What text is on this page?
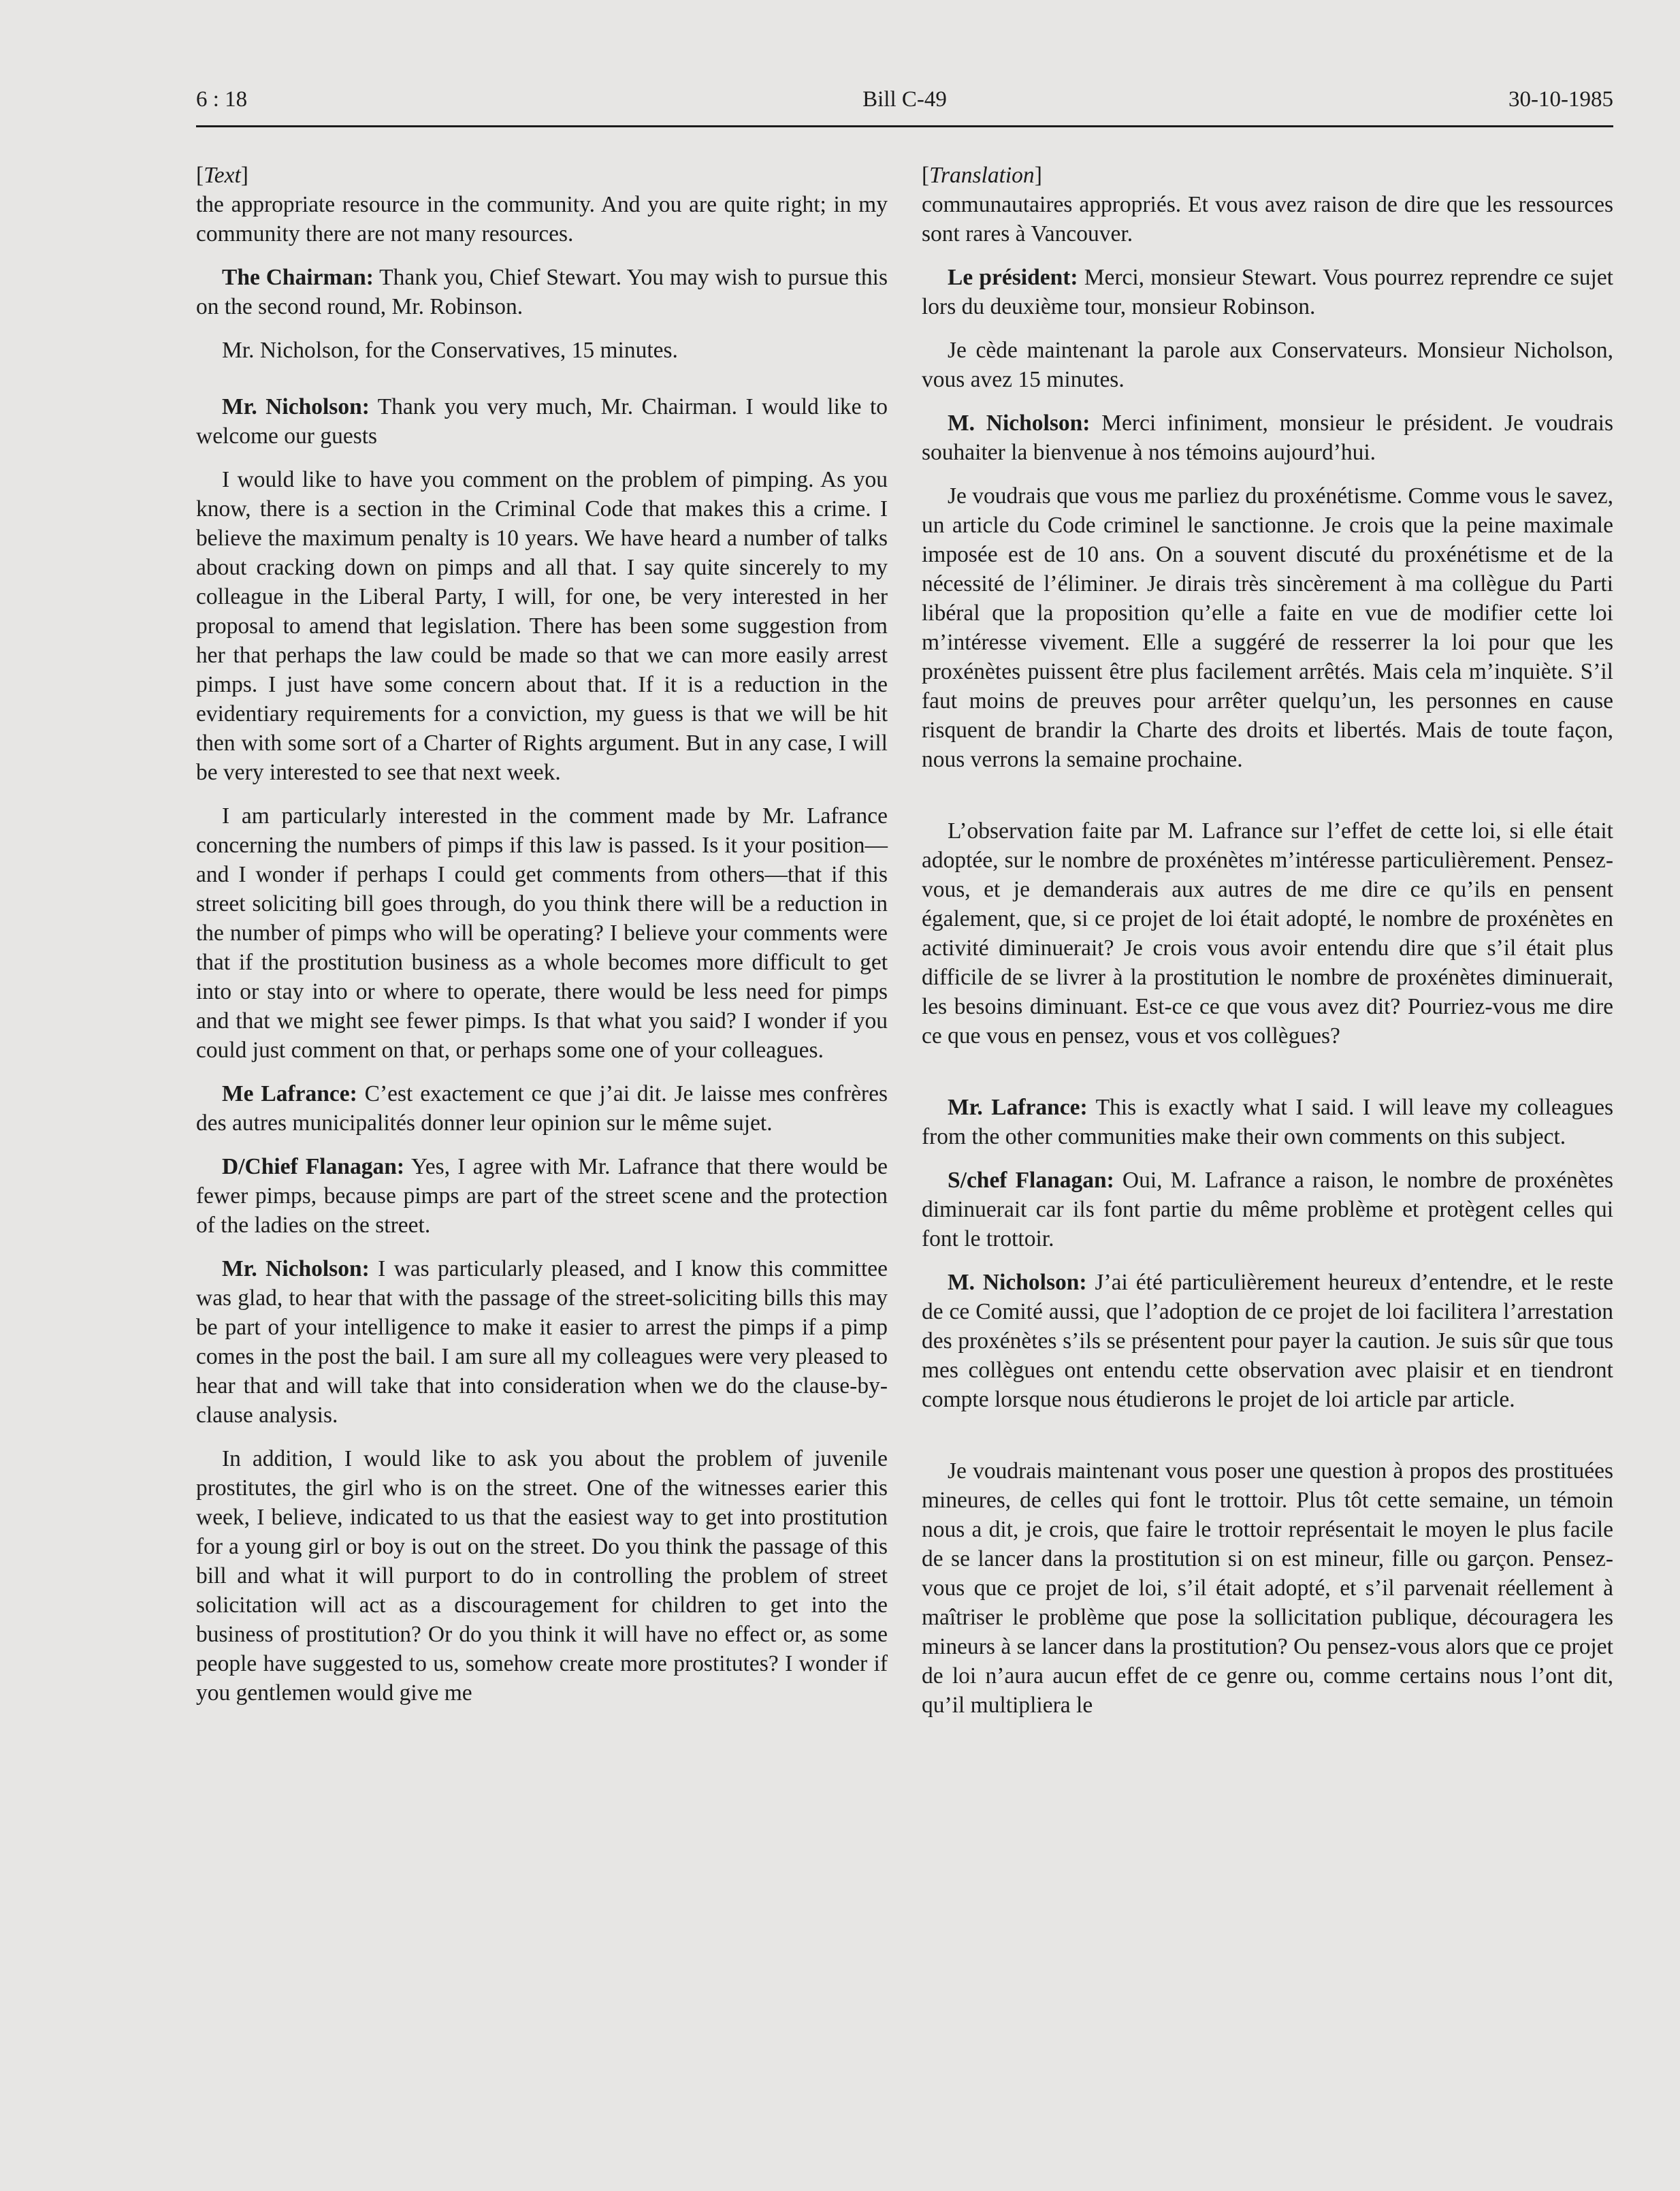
6 : 18	Bill C-49	30-10-1985
[Text]

the appropriate resource in the community. And you are quite right; in my community there are not many resources.

The Chairman: Thank you, Chief Stewart. You may wish to pursue this on the second round, Mr. Robinson.

Mr. Nicholson, for the Conservatives, 15 minutes.

Mr. Nicholson: Thank you very much, Mr. Chairman. I would like to welcome our guests

I would like to have you comment on the problem of pimping. As you know, there is a section in the Criminal Code that makes this a crime. I believe the maximum penalty is 10 years. We have heard a number of talks about cracking down on pimps and all that. I say quite sincerely to my colleague in the Liberal Party, I will, for one, be very interested in her proposal to amend that legislation. There has been some suggestion from her that perhaps the law could be made so that we can more easily arrest pimps. I just have some concern about that. If it is a reduction in the evidentiary requirements for a conviction, my guess is that we will be hit then with some sort of a Charter of Rights argument. But in any case, I will be very interested to see that next week.

I am particularly interested in the comment made by Mr. Lafrance concerning the numbers of pimps if this law is passed. Is it your position—and I wonder if perhaps I could get comments from others—that if this street soliciting bill goes through, do you think there will be a reduction in the number of pimps who will be operating? I believe your comments were that if the prostitution business as a whole becomes more difficult to get into or stay into or where to operate, there would be less need for pimps and that we might see fewer pimps. Is that what you said? I wonder if you could just comment on that, or perhaps some one of your colleagues.

Me Lafrance: C’est exactement ce que j’ai dit. Je laisse mes confrères des autres municipalités donner leur opinion sur le même sujet.

D/Chief Flanagan: Yes, I agree with Mr. Lafrance that there would be fewer pimps, because pimps are part of the street scene and the protection of the ladies on the street.

Mr. Nicholson: I was particularly pleased, and I know this committee was glad, to hear that with the passage of the street-soliciting bills this may be part of your intelligence to make it easier to arrest the pimps if a pimp comes in the post the bail. I am sure all my colleagues were very pleased to hear that and will take that into consideration when we do the clause-by-clause analysis.

In addition, I would like to ask you about the problem of juvenile prostitutes, the girl who is on the street. One of the witnesses earier this week, I believe, indicated to us that the easiest way to get into prostitution for a young girl or boy is out on the street. Do you think the passage of this bill and what it will purport to do in controlling the problem of street solicitation will act as a discouragement for children to get into the business of prostitution? Or do you think it will have no effect or, as some people have suggested to us, somehow create more prostitutes? I wonder if you gentlemen would give me

[Translation]

communautaires appropriés. Et vous avez raison de dire que les ressources sont rares à Vancouver.

Le président: Merci, monsieur Stewart. Vous pourrez reprendre ce sujet lors du deuxième tour, monsieur Robinson.

Je cède maintenant la parole aux Conservateurs. Monsieur Nicholson, vous avez 15 minutes.

M. Nicholson: Merci infiniment, monsieur le président. Je voudrais souhaiter la bienvenue à nos témoins aujourd’hui.

Je voudrais que vous me parliez du proxénétisme. Comme vous le savez, un article du Code criminel le sanctionne. Je crois que la peine maximale imposée est de 10 ans. On a souvent discuté du proxénétisme et de la nécessité de l’éliminer. Je dirais très sincèrement à ma collègue du Parti libéral que la proposition qu’elle a faite en vue de modifier cette loi m’intéresse vivement. Elle a suggéré de resserrer la loi pour que les proxénètes puissent être plus facilement arrêtés. Mais cela m’inquiète. S’il faut moins de preuves pour arrêter quelqu’un, les personnes en cause risquent de brandir la Charte des droits et libertés. Mais de toute façon, nous verrons la semaine prochaine.

L’observation faite par M. Lafrance sur l’effet de cette loi, si elle était adoptée, sur le nombre de proxénètes m’intéresse particulièrement. Pensez-vous, et je demanderais aux autres de me dire ce qu’ils en pensent également, que, si ce projet de loi était adopté, le nombre de proxénètes en activité diminuerait? Je crois vous avoir entendu dire que s’il était plus difficile de se livrer à la prostitution le nombre de proxénètes diminuerait, les besoins diminuant. Est-ce ce que vous avez dit? Pourriez-vous me dire ce que vous en pensez, vous et vos collègues?

Mr. Lafrance: This is exactly what I said. I will leave my colleagues from the other communities make their own comments on this subject.

S/chef Flanagan: Oui, M. Lafrance a raison, le nombre de proxénètes diminuerait car ils font partie du même problème et protègent celles qui font le trottoir.

M. Nicholson: J’ai été particulièrement heureux d’entendre, et le reste de ce Comité aussi, que l’adoption de ce projet de loi facilitera l’arrestation des proxénètes s’ils se présentent pour payer la caution. Je suis sûr que tous mes collègues ont entendu cette observation avec plaisir et en tiendront compte lorsque nous étudierons le projet de loi article par article.

Je voudrais maintenant vous poser une question à propos des prostituées mineures, de celles qui font le trottoir. Plus tôt cette semaine, un témoin nous a dit, je crois, que faire le trottoir représentait le moyen le plus facile de se lancer dans la prostitution si on est mineur, fille ou garçon. Pensez-vous que ce projet de loi, s’il était adopté, et s’il parvenait réellement à maîtriser le problème que pose la sollicitation publique, découragera les mineurs à se lancer dans la prostitution? Ou pensez-vous alors que ce projet de loi n’aura aucun effet de ce genre ou, comme certains nous l’ont dit, qu’il multipliera le
